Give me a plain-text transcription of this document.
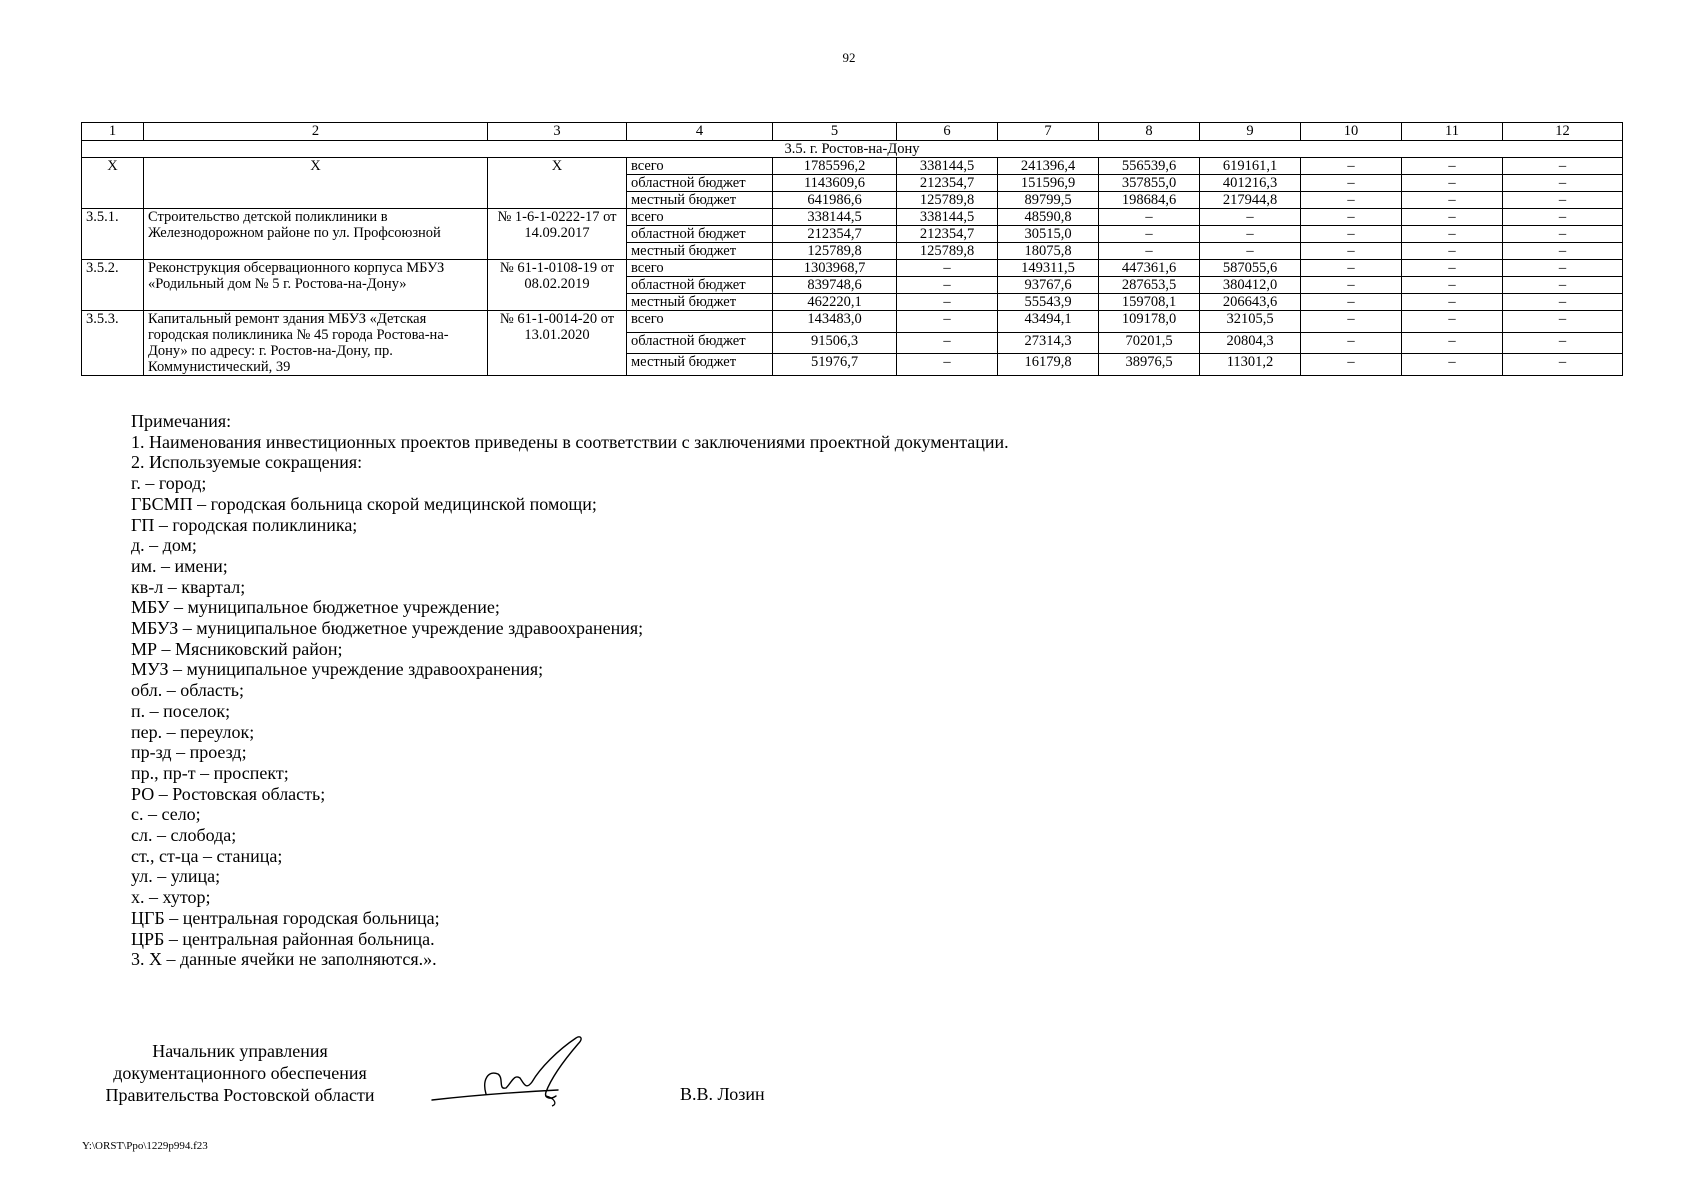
92
1	2	3	4	5	6	7	8	9	10	11	12
3.5. г. Ростов-на-Дону											
Х	Х	Х	всего	1785596,2	338144,5	241396,4	556539,6	619161,1	–	–	–
			областной бюджет	1143609,6	212354,7	151596,9	357855,0	401216,3	–	–	–
			местный бюджет	641986,6	125789,8	89799,5	198684,6	217944,8	–	–	–
3.5.1.	Строительство детской поликлиники в Железнодорожном районе по ул. Профсоюзной	№ 1-6-1-0222-17 от 14.09.2017	всего	338144,5	338144,5	48590,8	–	–	–	–	–
			областной бюджет	212354,7	212354,7	30515,0	–	–	–	–	–
			местный бюджет	125789,8	125789,8	18075,8	–	–	–	–	–
3.5.2.	Реконструкция обсервационного корпуса МБУЗ «Родильный дом № 5 г. Ростова-на-Дону»	№ 61-1-0108-19 от 08.02.2019	всего	1303968,7	–	149311,5	447361,6	587055,6	–	–	–
			областной бюджет	839748,6	–	93767,6	287653,5	380412,0	–	–	–
			местный бюджет	462220,1	–	55543,9	159708,1	206643,6	–	–	–
3.5.3.	Капитальный ремонт здания МБУЗ «Детская городская поликлиника № 45 города Ростова-на-Дону» по адресу: г. Ростов-на-Дону, пр. Коммунистический, 39	№ 61-1-0014-20 от 13.01.2020	всего	143483,0	–	43494,1	109178,0	32105,5	–	–	–
			областной бюджет	91506,3	–	27314,3	70201,5	20804,3	–	–	–
			местный бюджет	51976,7	–	16179,8	38976,5	11301,2	–	–	–
Примечания:
1. Наименования инвестиционных проектов приведены в соответствии с заключениями проектной документации.
2. Используемые сокращения:
г. – город;
ГБСМП – городская больница скорой медицинской помощи;
ГП – городская поликлиника;
д. – дом;
им. – имени;
кв-л – квартал;
МБУ – муниципальное бюджетное учреждение;
МБУЗ – муниципальное бюджетное учреждение здравоохранения;
МР – Мясниковский район;
МУЗ – муниципальное учреждение здравоохранения;
обл. – область;
п. – поселок;
пер. – переулок;
пр-зд – проезд;
пр., пр-т – проспект;
РО – Ростовская область;
с. – село;
сл. – слобода;
ст., ст-ца – станица;
ул. – улица;
х. – хутор;
ЦГБ – центральная городская больница;
ЦРБ – центральная районная больница.
3. Х – данные ячейки не заполняются.».
Начальник управления
документационного обеспечения
Правительства Ростовской области	В.В. Лозин
Y:\ORST\Ppo\1229p994.f23
